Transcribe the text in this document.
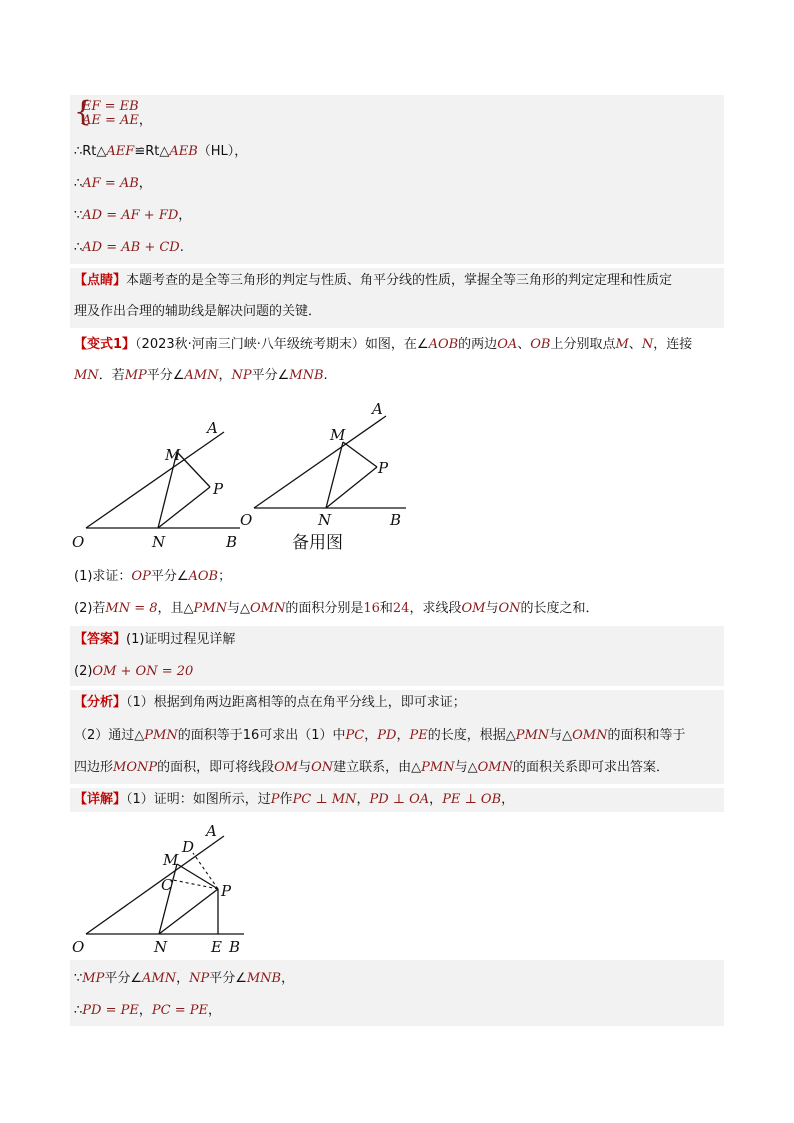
{
EF = EB
AE = AE，
∴Rt△AEF≌Rt△AEB（HL），
∴AF = AB，
∵AD = AF + FD，
∴AD = AB + CD.
【点睛】本题考查的是全等三角形的判定与性质、角平分线的性质，掌握全等三角形的判定定理和性质定
理及作出合理的辅助线是解决问题的关键．
【变式1】（2023秋·河南三门峡·八年级统考期末）如图，在∠AOB的两边OA、OB上分别取点M、N，连接
MN．若MP平分∠AMN，NP平分∠MNB.
A
M
P
O	N	B
A
M
P
O	N	B
备用图
(1)求证：OP平分∠AOB；
(2)若MN = 8，且△PMN与△OMN的面积分别是16和24，求线段OM与ON的长度之和．
【答案】(1)证明过程见详解
(2)OM + ON = 20
【分析】（1）根据到角两边距离相等的点在角平分线上，即可求证；
（2）通过△PMN的面积等于16可求出（1）中PC，PD，PE的长度，根据△PMN与△OMN的面积和等于
四边形MONP的面积，即可将线段OM与ON建立联系，由△PMN与△OMN的面积关系即可求出答案．
【详解】（1）证明：如图所示，过P作PC ⊥ MN，PD ⊥ OA，PE ⊥ OB，
A
D
M
C	P
O	N	E B
∵MP平分∠AMN，NP平分∠MNB，
∴PD = PE，PC = PE，
